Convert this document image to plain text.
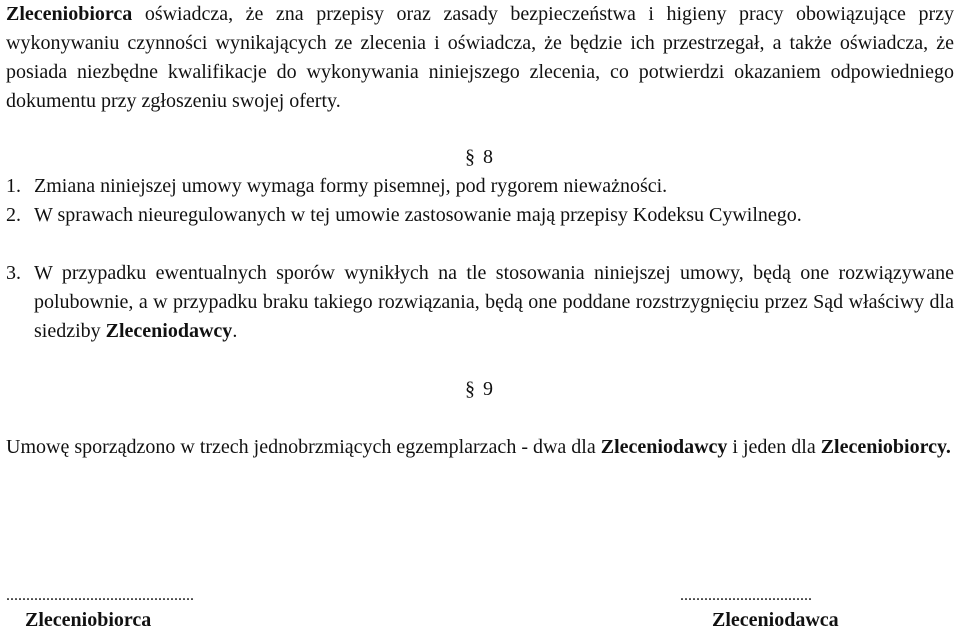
Zleceniobiorca oświadcza, że zna przepisy oraz zasady bezpieczeństwa i higieny pracy obowiązujące przy wykonywaniu czynności wynikających ze zlecenia i oświadcza, że będzie ich przestrzegał, a także oświadcza, że posiada niezbędne kwalifikacje do wykonywania niniejszego zlecenia, co potwierdzi okazaniem odpowiedniego dokumentu przy zgłoszeniu swojej oferty.

§ 8

1. Zmiana niniejszej umowy wymaga formy pisemnej, pod rygorem nieważności.

2. W sprawach nieuregulowanych w tej umowie zastosowanie mają przepisy Kodeksu Cywilnego.

3. W przypadku ewentualnych sporów wynikłych na tle stosowania niniejszej umowy, będą one rozwiązywane polubownie, a w przypadku braku takiego rozwiązania, będą one poddane rozstrzygnięciu przez Sąd właściwy dla siedziby Zleceniodawcy.

§ 9

Umowę sporządzono w trzech jednobrzmiących egzemplarzach - dwa dla Zleceniodawcy i jeden dla Zleceniobiorcy.

...............................................	.................................

Zleceniobiorca	Zleceniodawca
